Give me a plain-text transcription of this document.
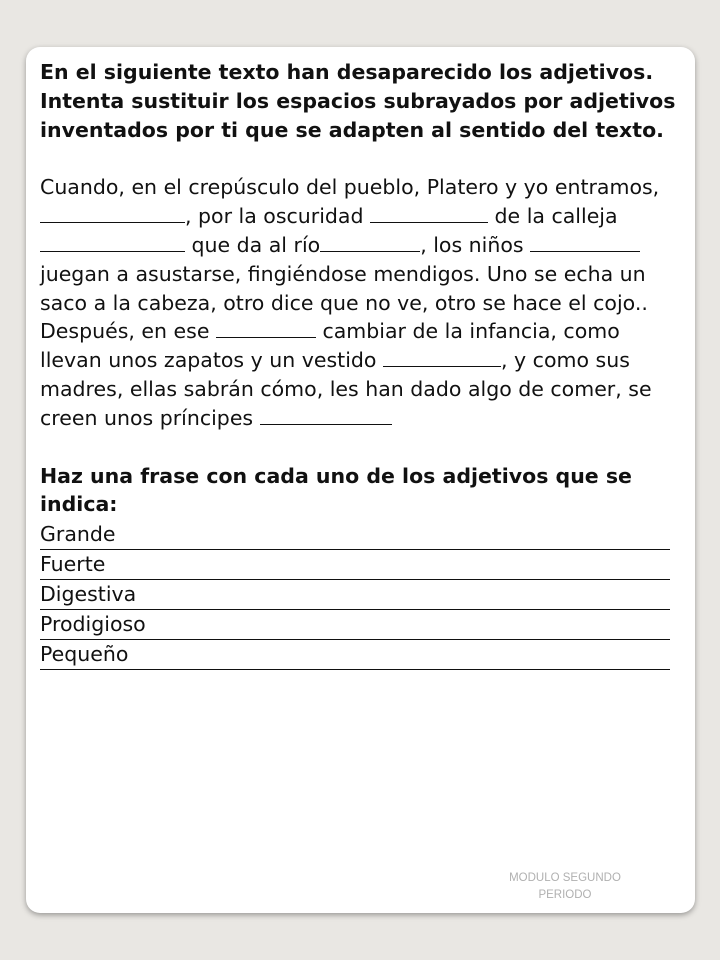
En el siguiente texto han desaparecido los adjetivos. Intenta sustituir los espacios subrayados por adjetivos inventados por ti que se adapten al sentido del texto.

Cuando, en el crepúsculo del pueblo, Platero y yo entramos, , por la oscuridad	de la calleja  que da al río	, los niños  juegan a asustarse, fingiéndose mendigos. Uno se echa un saco a la cabeza, otro dice que no ve, otro se hace el cojo..

Después, en ese	cambiar de la infancia, como llevan unos zapatos y un vestido	, y como sus madres, ellas sabrán cómo, les han dado algo de comer, se creen unos príncipes

Haz una frase con cada uno de los adjetivos que se indica:

Grande

Fuerte

Digestiva

Prodigioso

Pequeño

MODULO SEGUNDO PERIODO
